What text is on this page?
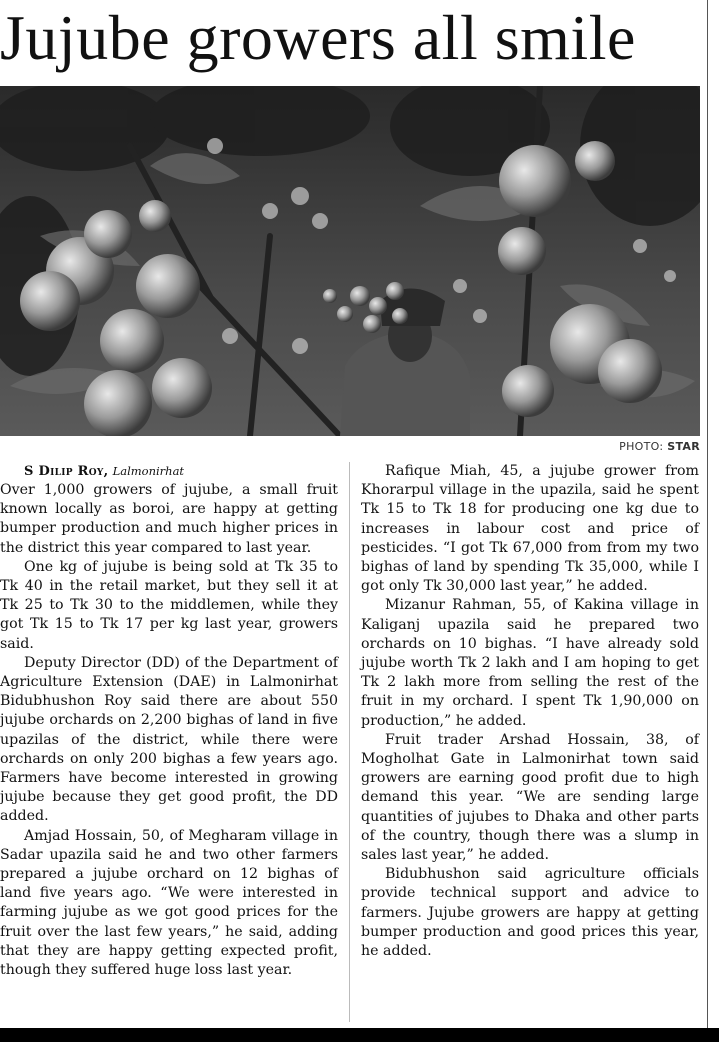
Jujube growers all smile
PHOTO: STAR

S Dilip Roy, Lalmonirhat

Over 1,000 growers of jujube, a small fruit known locally as boroi, are happy at getting bumper production and much higher prices in the district this year compared to last year.

One kg of jujube is being sold at Tk 35 to Tk 40 in the retail market, but they sell it at Tk 25 to Tk 30 to the middlemen, while they got Tk 15 to Tk 17 per kg last year, growers said.

Deputy Director (DD) of the Department of Agriculture Extension (DAE) in Lalmonirhat Bidubhushon Roy said there are about 550 jujube orchards on 2,200 bighas of land in five upazilas of the district, while there were orchards on only 200 bighas a few years ago. Farmers have become interested in growing jujube because they get good profit, the DD added.

Amjad Hossain, 50, of Megharam village in Sadar upazila said he and two other farmers prepared a jujube orchard on 12 bighas of land five years ago. “We were interested in farming jujube as we got good prices for the fruit over the last few years,” he said, adding that they are happy getting expected profit, though they suffered huge loss last year.

Rafique Miah, 45, a jujube grower from Khorarpul village in the upazila, said he spent Tk 15 to Tk 18 for producing one kg due to increases in labour cost and price of pesticides. “I got Tk 67,000 from from my two bighas of land by spending Tk 35,000, while I got only Tk 30,000 last year,” he added.

Mizanur Rahman, 55, of Kakina village in Kaliganj upazila said he prepared two orchards on 10 bighas. “I have already sold jujube worth Tk 2 lakh and I am hoping to get Tk 2 lakh more from selling the rest of the fruit in my orchard. I spent Tk 1,90,000 on production,” he added.

Fruit trader Arshad Hossain, 38, of Mogholhat Gate in Lalmonirhat town said growers are earning good profit due to high demand this year. “We are sending large quantities of jujubes to Dhaka and other parts of the country, though there was a slump in sales last year,” he added.

Bidubhushon said agriculture officials provide technical support and advice to farmers. Jujube growers are happy at getting bumper production and good prices this year, he added.
